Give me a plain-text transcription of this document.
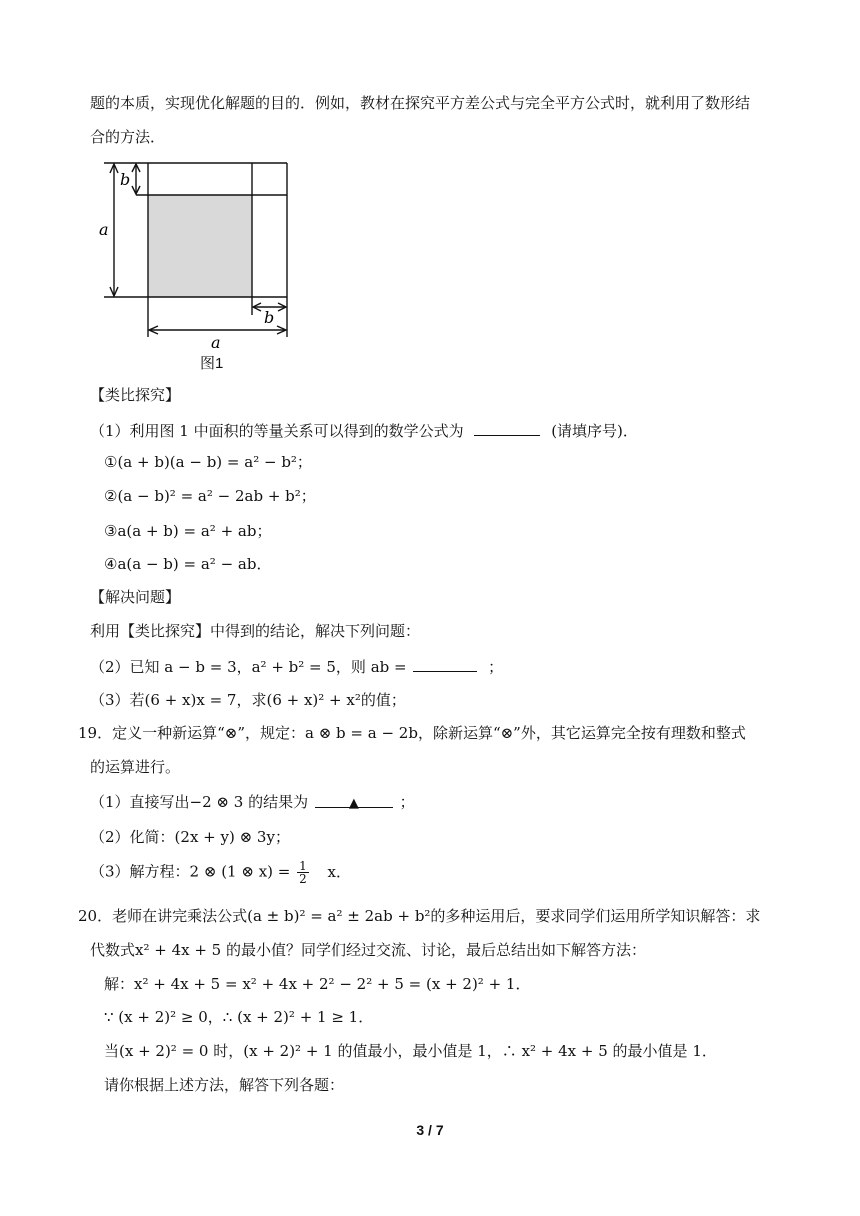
题的本质，实现优化解题的目的．例如，教材在探究平方差公式与完全平方公式时，就利用了数形结
合的方法．
a
b
a
b
图1
【类比探究】
（1）利用图 1 中面积的等量关系可以得到的数学公式为	(请填序号)．
①(a + b)(a − b) = a² − b²；
②(a − b)² = a² − 2ab + b²；
③a(a + b) = a² + ab；
④a(a − b) = a² − ab．
【解决问题】
利用【类比探究】中得到的结论，解决下列问题：
（2）已知 a − b = 3，a² + b² = 5，则 ab =	；
（3）若(6 + x)x = 7，求(6 + x)² + x²的值；
19．定义一种新运算“⊗”，规定：a ⊗ b = a − 2b，除新运算“⊗”外，其它运算完全按有理数和整式
的运算进行。
（1）直接写出−2 ⊗ 3 的结果为	▲	；
（2）化简：(2x + y) ⊗ 3y；
（3）解方程：2 ⊗ (1 ⊗ $x) = \frac{1}{2}$ x．
20．老师在讲完乘法公式(a ± b)² = a² ± 2ab + b²的多种运用后，要求同学们运用所学知识解答：求
代数式x² + 4x + 5 的最小值？同学们经过交流、讨论，最后总结出如下解答方法：
解：x² + 4x + 5 = x² + 4x + 2² − 2² + 5 = (x + 2)² + 1．
∵ (x + 2)² ≥ 0，∴ (x + 2)² + 1 ≥ 1．
当(x + 2)² = 0 时，(x + 2)² + 1 的值最小，最小值是 1，∴ x² + 4x + 5 的最小值是 1．
请你根据上述方法，解答下列各题：
3 / 7
